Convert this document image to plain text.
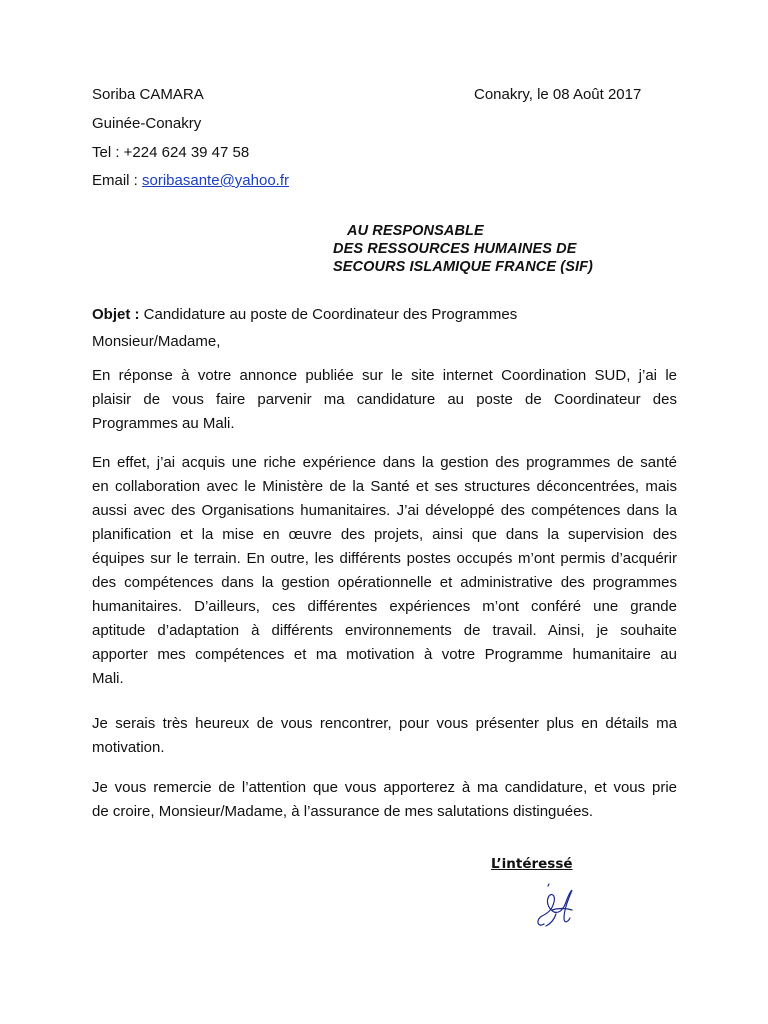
Soriba CAMARA	Conakry, le 08 Août 2017
Guinée-Conakry
Tel : +224 624 39 47 58
Email : soribasante@yahoo.fr
AU RESPONSABLE
DES RESSOURCES HUMAINES DE
SECOURS ISLAMIQUE FRANCE (SIF)
Objet : Candidature au poste de Coordinateur des Programmes
Monsieur/Madame,

En réponse à votre annonce publiée sur le site internet Coordination SUD, j’ai le

plaisir de vous faire parvenir ma candidature au poste de Coordinateur des

Programmes au Mali.

En effet, j’ai acquis une riche expérience dans la gestion des programmes de santé

en collaboration avec le Ministère de la Santé et ses structures déconcentrées, mais

aussi avec des Organisations humanitaires. J’ai développé des compétences dans la

planification et la mise en œuvre des projets, ainsi que dans la supervision des

équipes sur le terrain. En outre, les différents postes occupés m’ont permis d’acquérir

des compétences dans la gestion opérationnelle et administrative des programmes

humanitaires. D’ailleurs, ces différentes expériences m’ont conféré une grande

aptitude d’adaptation à différents environnements de travail. Ainsi, je souhaite

apporter mes compétences et ma motivation à votre Programme humanitaire au

Mali.

Je serais très heureux de vous rencontrer, pour vous présenter plus en détails ma

motivation.

Je vous remercie de l’attention que vous apporterez à ma candidature, et vous prie

de croire, Monsieur/Madame, à l’assurance de mes salutations distinguées.

L’intéressé
